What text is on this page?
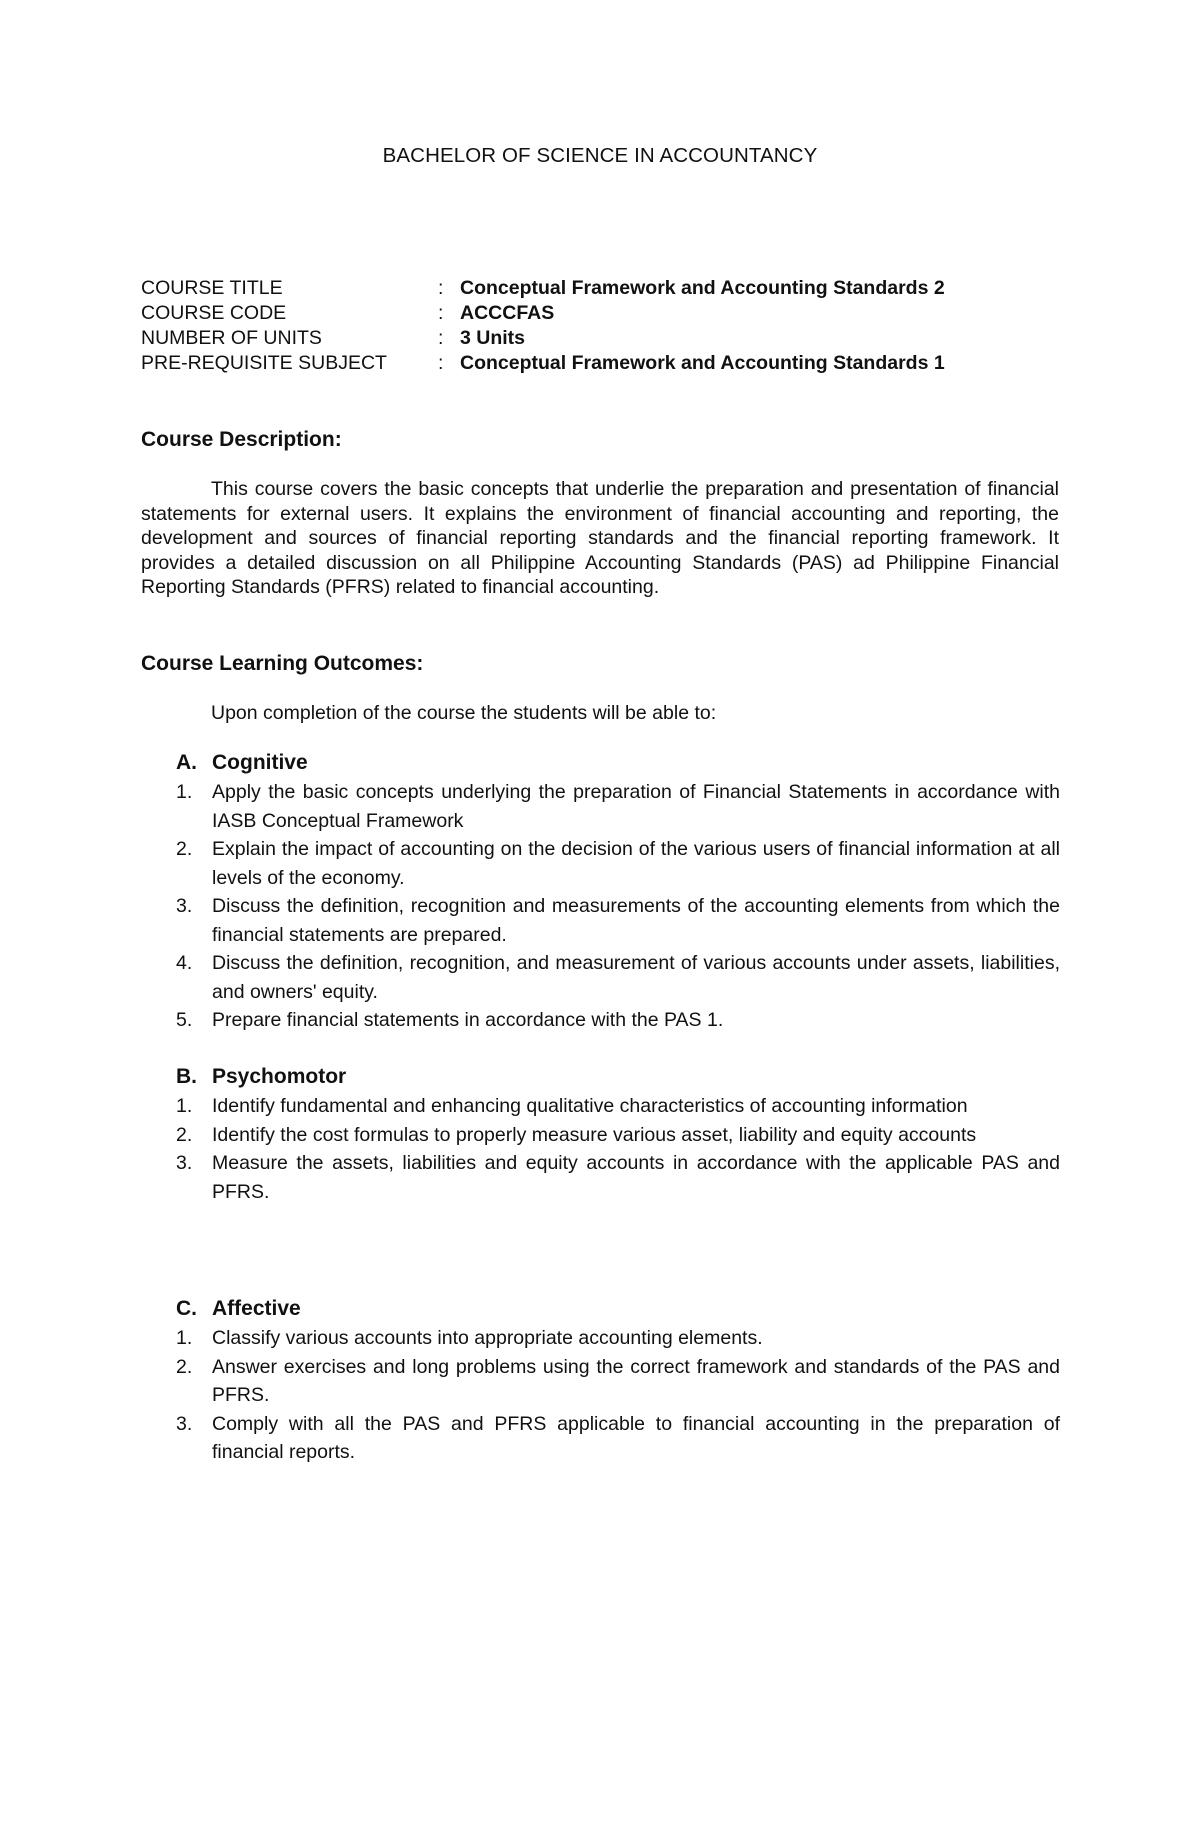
BACHELOR OF SCIENCE IN ACCOUNTANCY
COURSE TITLE	: Conceptual Framework and Accounting Standards 2
COURSE CODE	: ACCCFAS
NUMBER OF UNITS	: 3 Units
PRE-REQUISITE SUBJECT	: Conceptual Framework and Accounting Standards 1
Course Description:
This course covers the basic concepts that underlie the preparation and presentation of financial statements for external users. It explains the environment of financial accounting and reporting, the development and sources of financial reporting standards and the financial reporting framework. It provides a detailed discussion on all Philippine Accounting Standards (PAS) ad Philippine Financial Reporting Standards (PFRS) related to financial accounting.
Course Learning Outcomes:
Upon completion of the course the students will be able to:
A. Cognitive
1.	Apply the basic concepts underlying the preparation of Financial Statements in accordance with IASB Conceptual Framework
2.	Explain the impact of accounting on the decision of the various users of financial information at all levels of the economy.
3.	Discuss the definition, recognition and measurements of the accounting elements from which the financial statements are prepared.
4.	Discuss the definition, recognition, and measurement of various accounts under assets, liabilities, and owners' equity.
5.	Prepare financial statements in accordance with the PAS 1.
B. Psychomotor
1.	Identify fundamental and enhancing qualitative characteristics of accounting information
2.	Identify the cost formulas to properly measure various asset, liability and equity accounts
3.	Measure the assets, liabilities and equity accounts in accordance with the applicable PAS and PFRS.
C. Affective
1.	Classify various accounts into appropriate accounting elements.
2.	Answer exercises and long problems using the correct framework and standards of the PAS and PFRS.
3.	Comply with all the PAS and PFRS applicable to financial accounting in the preparation of financial reports.
